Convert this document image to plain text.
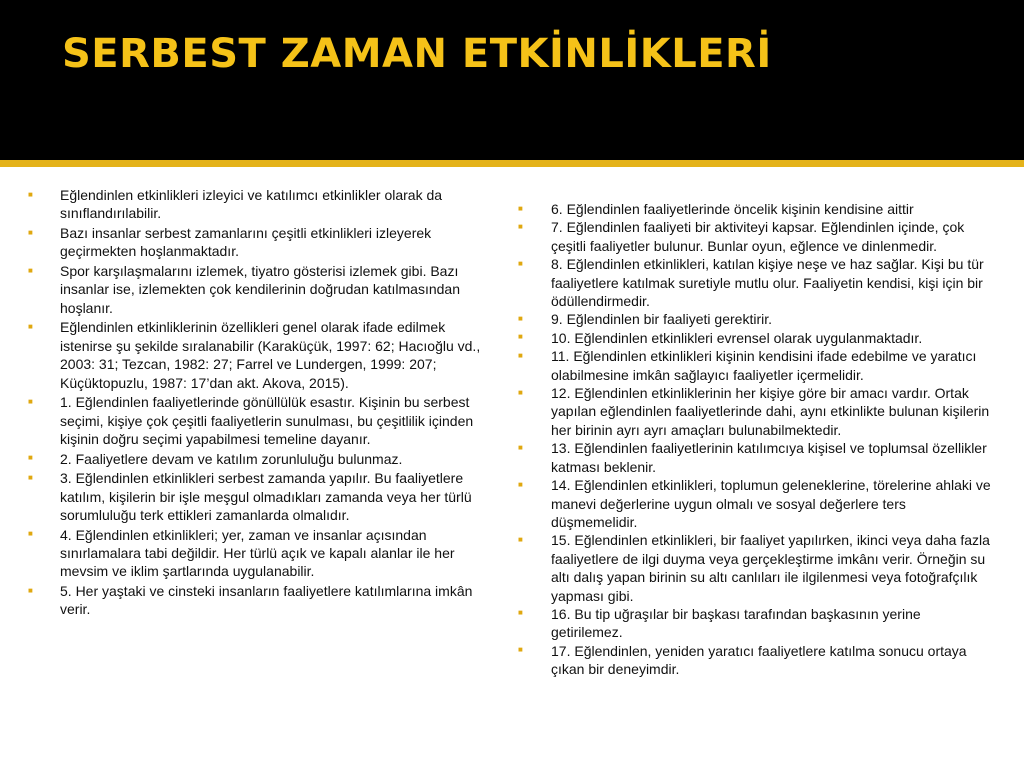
SERBEST ZAMAN ETKİNLİKLERİ
■ Eğlendinlen etkinlikleri izleyici ve katılımcı etkinlikler olarak da sınıflandırılabilir.
■ Bazı insanlar serbest zamanlarını çeşitli etkinlikleri izleyerek geçirmekten hoşlanmaktadır.
■ Spor karşılaşmalarını izlemek, tiyatro gösterisi izlemek gibi. Bazı insanlar ise, izlemekten çok kendilerinin doğrudan katılmasından hoşlanır.
■ Eğlendinlen etkinliklerinin özellikleri genel olarak ifade edilmek istenirse şu şekilde sıralanabilir (Karaküçük, 1997: 62; Hacıoğlu vd., 2003: 31; Tezcan, 1982: 27; Farrel ve Lundergen, 1999: 207; Küçüktopuzlu, 1987: 17’dan akt. Akova, 2015).
■ 1. Eğlendinlen faaliyetlerinde gönüllülük esastır. Kişinin bu serbest seçimi, kişiye çok çeşitli faaliyetlerin sunulması, bu çeşitlilik içinden kişinin doğru seçimi yapabilmesi temeline dayanır.
■ 2. Faaliyetlere devam ve katılım zorunluluğu bulunmaz.
■ 3. Eğlendinlen etkinlikleri serbest zamanda yapılır. Bu faaliyetlere katılım, kişilerin bir işle meşgul olmadıkları zamanda veya her türlü sorumluluğu terk ettikleri zamanlarda olmalıdır.
■ 4. Eğlendinlen etkinlikleri; yer, zaman ve insanlar açısından sınırlamalara tabi değildir. Her türlü açık ve kapalı alanlar ile her mevsim ve iklim şartlarında uygulanabilir.
■ 5. Her yaştaki ve cinsteki insanların faaliyetlere katılımlarına imkân verir.
■ 6. Eğlendinlen faaliyetlerinde öncelik kişinin kendisine aittir
■ 7. Eğlendinlen faaliyeti bir aktiviteyi kapsar. Eğlendinlen içinde, çok çeşitli faaliyetler bulunur. Bunlar oyun, eğlence ve dinlenmedir.
■ 8. Eğlendinlen etkinlikleri, katılan kişiye neşe ve haz sağlar. Kişi bu tür faaliyetlere katılmak suretiyle mutlu olur. Faaliyetin kendisi, kişi için bir ödüllendirmedir.
■ 9. Eğlendinlen bir faaliyeti gerektirir.
■ 10. Eğlendinlen etkinlikleri evrensel olarak uygulanmaktadır.
■ 11. Eğlendinlen etkinlikleri kişinin kendisini ifade edebilme ve yaratıcı olabilmesine imkân sağlayıcı faaliyetler içermelidir.
■ 12. Eğlendinlen etkinliklerinin her kişiye göre bir amacı vardır. Ortak yapılan eğlendinlen faaliyetlerinde dahi, aynı etkinlikte bulunan kişilerin her birinin ayrı ayrı amaçları bulunabilmektedir.
■ 13. Eğlendinlen faaliyetlerinin katılımcıya kişisel ve toplumsal özellikler katması beklenir.
■ 14. Eğlendinlen etkinlikleri, toplumun geleneklerine, törelerine ahlaki ve manevi değerlerine uygun olmalı ve sosyal değerlere ters düşmemelidir.
■ 15. Eğlendinlen etkinlikleri, bir faaliyet yapılırken, ikinci veya daha fazla faaliyetlere de ilgi duyma veya gerçekleştirme imkânı verir. Örneğin su altı dalış yapan birinin su altı canlıları ile ilgilenmesi veya fotoğrafçılık yapması gibi.
■ 16. Bu tip uğraşılar bir başkası tarafından başkasının yerine getirilemez.
■ 17. Eğlendinlen, yeniden yaratıcı faaliyetlere katılma sonucu ortaya çıkan bir deneyimdir.
